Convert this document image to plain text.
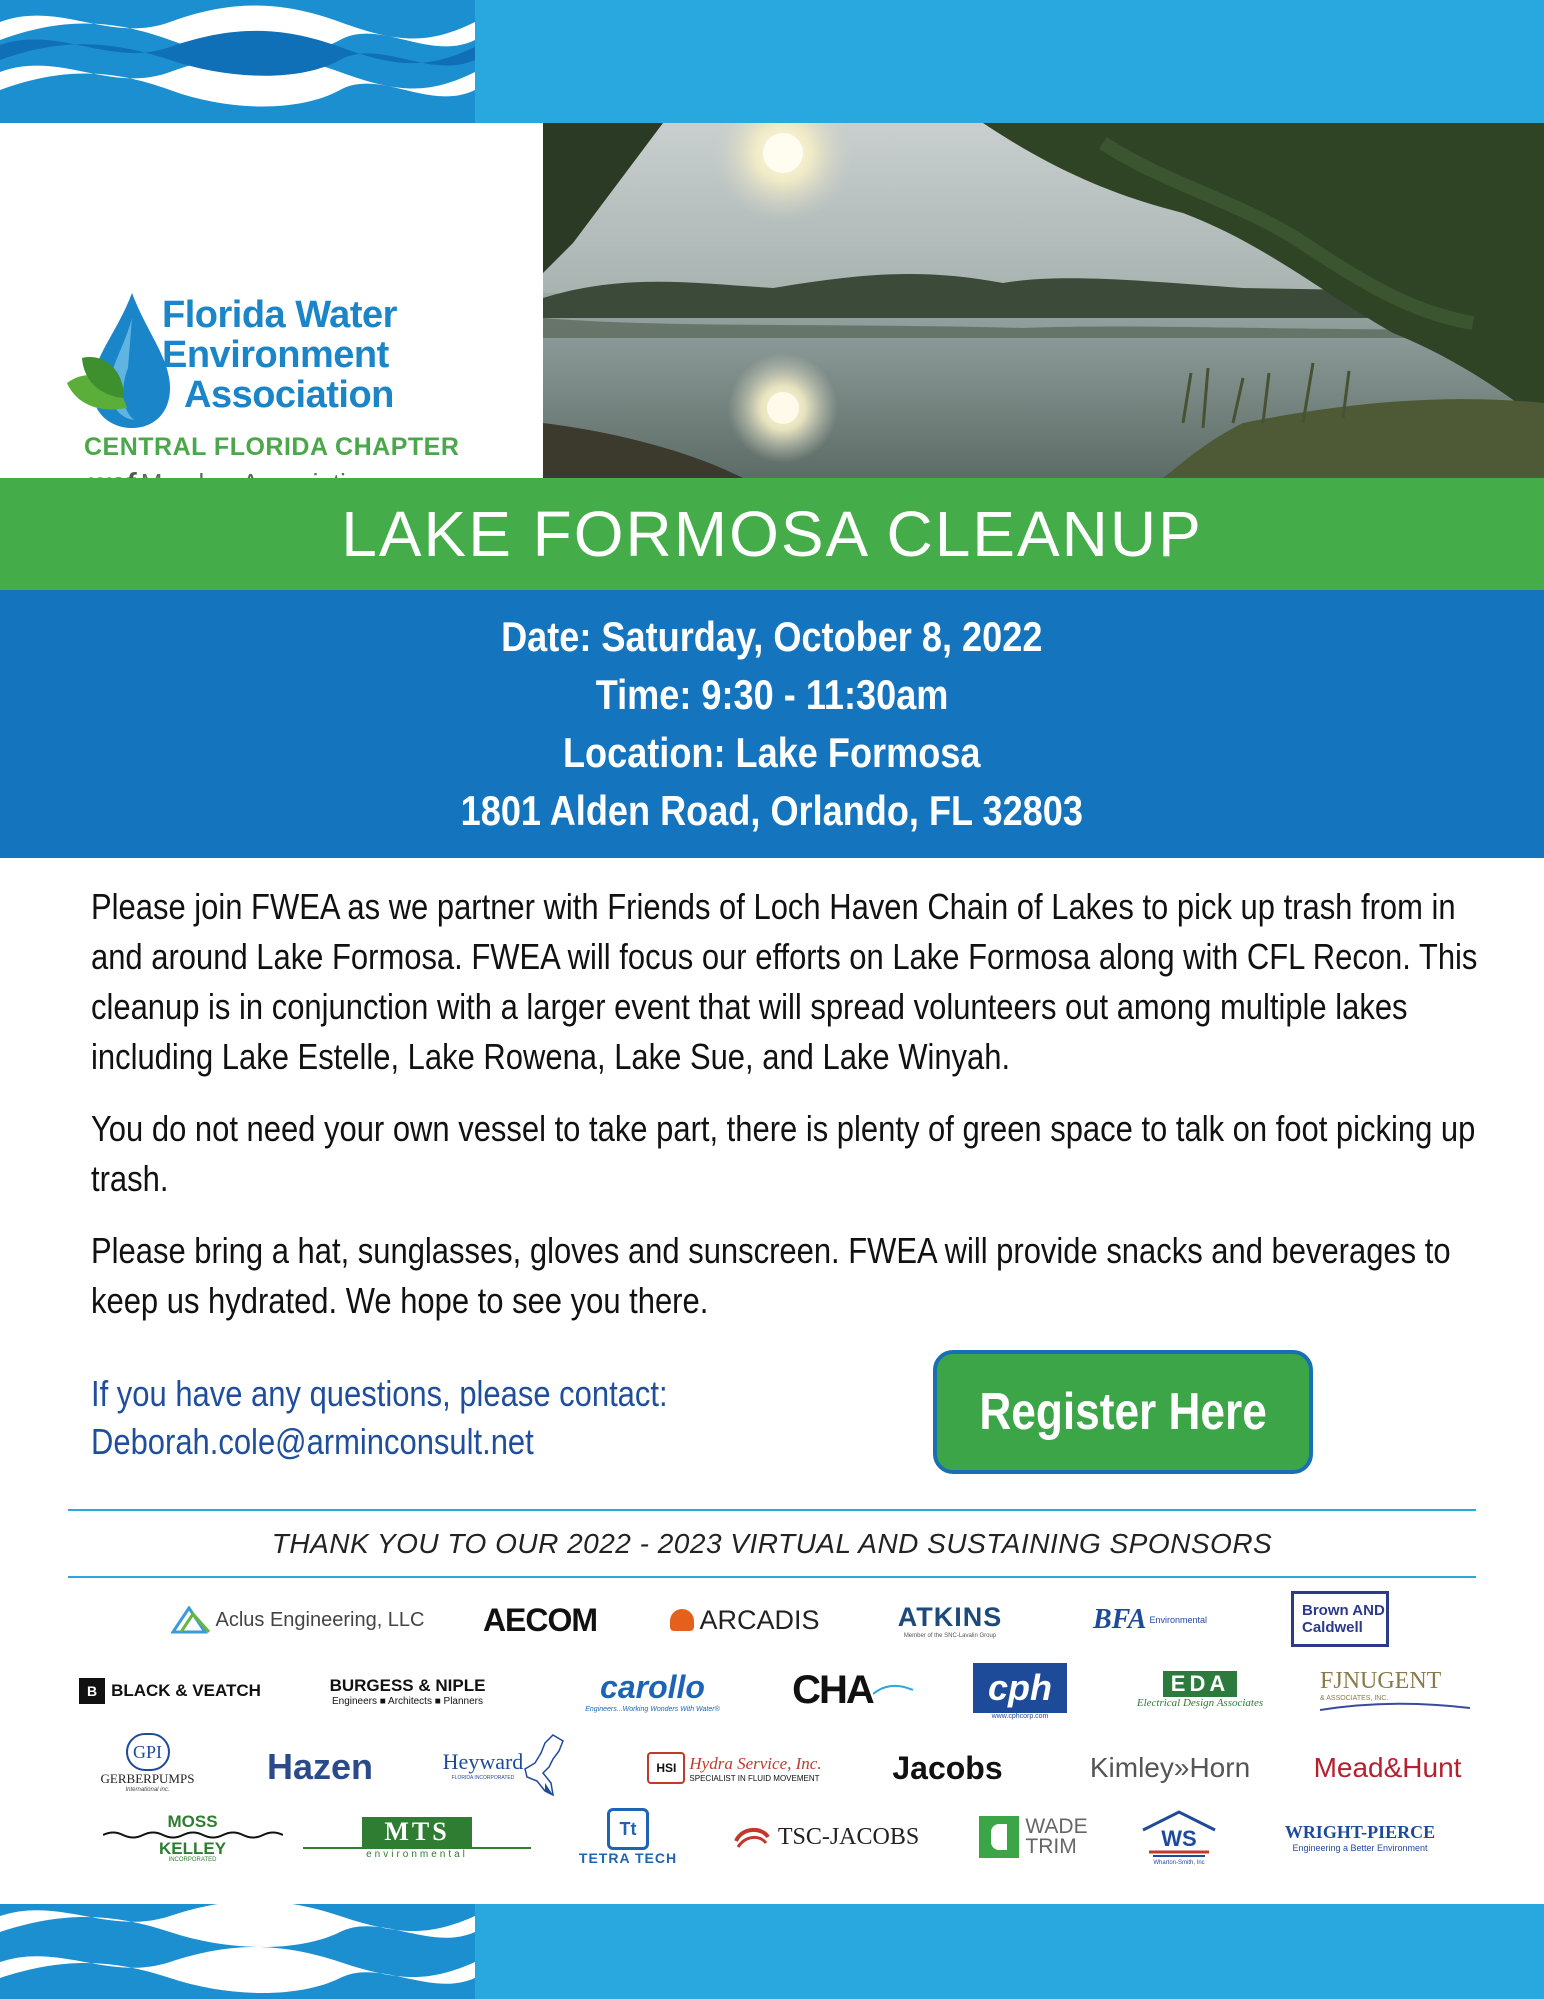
Florida Water
Environment
Association
CENTRAL FLORIDA CHAPTER
LAKE FORMOSA CLEANUP
Date: Saturday, October 8, 2022
Time: 9:30 - 11:30am
Location: Lake Formosa
1801 Alden Road, Orlando, FL 32803

Please join FWEA as we partner with Friends of Loch Haven Chain of Lakes to pick up trash from in and around Lake Formosa. FWEA will focus our efforts on Lake Formosa along with CFL Recon. This cleanup is in conjunction with a larger event that will spread volunteers out among multiple lakes including Lake Estelle, Lake Rowena, Lake Sue, and Lake Winyah.

You do not need your own vessel to take part, there is plenty of green space to talk on foot picking up trash.

Please bring a hat, sunglasses, gloves and sunscreen. FWEA will provide snacks and beverages to keep us hydrated. We hope to see you there.

If you have any questions, please contact:
Deborah.cole@arminconsult.net
Register Here
THANK YOU TO OUR 2022 - 2023 VIRTUAL AND SUSTAINING SPONSORS
Aclus Engineering, LLC	AECOM	ARCADIS	ATKINS
Member of the SNC-Lavalin Group
BFA Environmental
Brown AND
Caldwell
B BLACK & VEATCH	BURGESS & NIPLE
Engineers ■ Architects ■ Planners	carollo
Engineers...Working Wonders With Water® CHA	cph
www.cphcorp.com
EDA
Electrical Design Associates
FJNUGENT
& ASSOCIATES, INC.
GPI
GERBERPUMPS
International inc.
Hazen	Heyward
FLORIDA INCORPORATED
HSI Hydra Service, Inc.
SPECIALIST IN FLUID MOVEMENT	Jacobs	Kimley»Horn	Mead&Hunt
MOSS
KELLEY
INCORPORATED
MTS
environmental
Tt
TETRA TECH
TSC-JACOBS	WADE
TRIM	WS
Wharton-Smith, Inc
WRIGHT-PIERCE
Engineering a Better Environment
